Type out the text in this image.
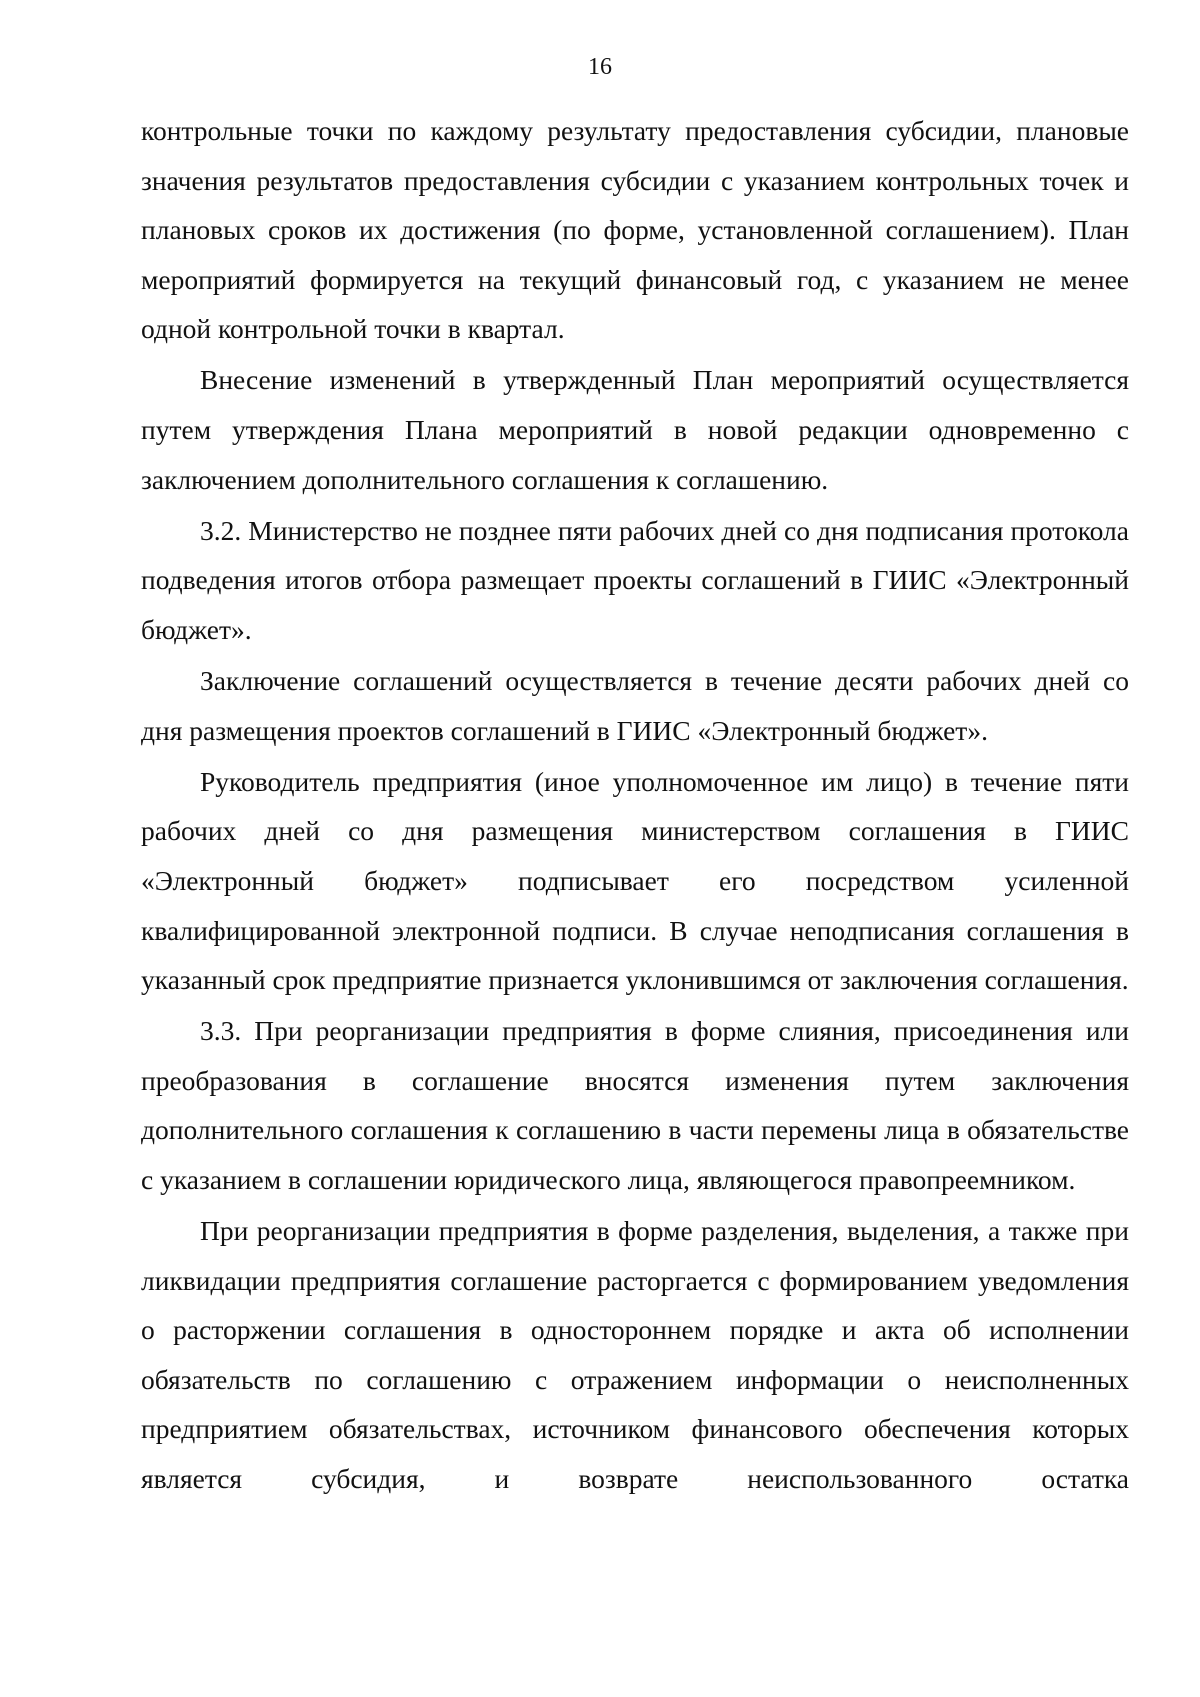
16

контрольные точки по каждому результату предоставления субсидии, плановые значения результатов предоставления субсидии с указанием контрольных точек и плановых сроков их достижения (по форме, установленной соглашением). План мероприятий формируется на текущий финансовый год, с указанием не менее одной контрольной точки в квартал.

Внесение изменений в утвержденный План мероприятий осуществляется путем утверждения Плана мероприятий в новой редакции одновременно с заключением дополнительного соглашения к соглашению.

3.2. Министерство не позднее пяти рабочих дней со дня подписания протокола подведения итогов отбора размещает проекты соглашений в ГИИС «Электронный бюджет».

Заключение соглашений осуществляется в течение десяти рабочих дней со дня размещения проектов соглашений в ГИИС «Электронный бюджет».

Руководитель предприятия (иное уполномоченное им лицо) в течение пяти рабочих дней со дня размещения министерством соглашения в ГИИС «Электронный бюджет» подписывает его посредством усиленной квалифицированной электронной подписи. В случае неподписания соглашения в указанный срок предприятие признается уклонившимся от заключения соглашения.

3.3. При реорганизации предприятия в форме слияния, присоединения или преобразования в соглашение вносятся изменения путем заключения дополнительного соглашения к соглашению в части перемены лица в обязательстве с указанием в соглашении юридического лица, являющегося правопреемником.

При реорганизации предприятия в форме разделения, выделения, а также при ликвидации предприятия соглашение расторгается с формированием уведомления о расторжении соглашения в одностороннем порядке и акта об исполнении обязательств по соглашению с отражением информации о неисполненных предприятием обязательствах, источником финансового обеспечения которых является субсидия, и возврате неиспользованного остатка
